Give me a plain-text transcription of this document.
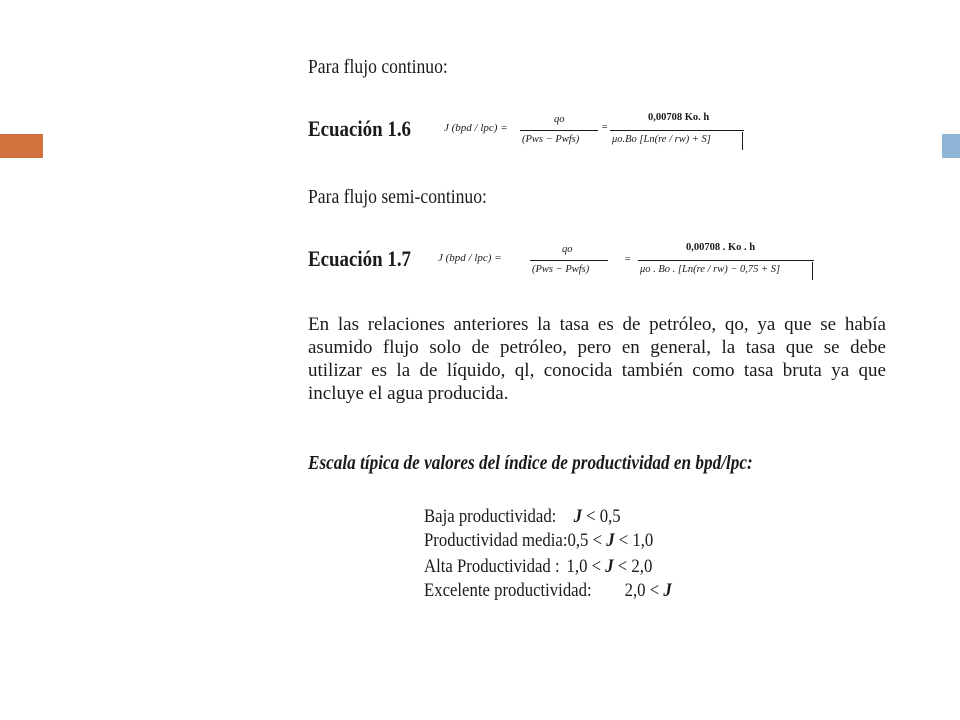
Para flujo continuo:
Ecuación 1.6	J (bpd / lpc) =
qo
(Pws − Pwfs)
=
0,00708 Ko. h
μo.Bo [Ln(re / rw) + S]
Para flujo semi-continuo:
Ecuación 1.7 J (bpd / lpc) =
qo
(Pws − Pwfs)
=
0,00708 . Ko . h
μo . Bo . [Ln(re / rw) − 0,75 + S]
En las relaciones anteriores la tasa es de petróleo, qo, ya que se había
asumido flujo solo de petróleo, pero en general, la tasa que se debe
utilizar es la de líquido, ql, conocida también como tasa bruta ya que
incluye el agua producida.
Escala típica de valores del índice de productividad en bpd/lpc:
Baja productividad: J < 0,5
Productividad media:0,5 < J < 1,0
Alta Productividad :1,0 < J < 2,0
Excelente productividad: 2,0 < J
